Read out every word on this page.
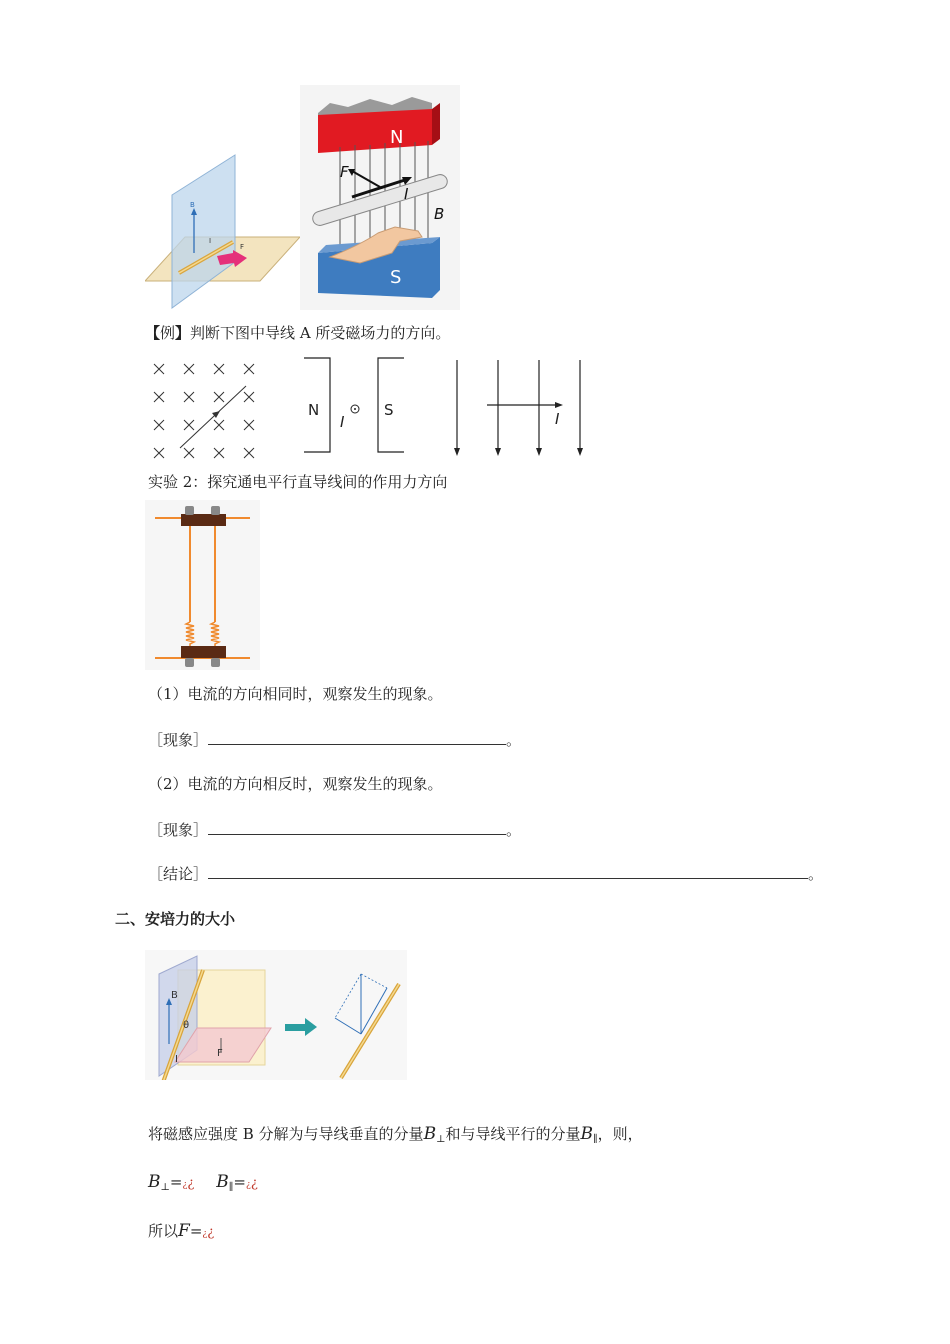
B
I
F
N
S
F
I
B
【例】判断下图中导线 A 所受磁场力的方向。
N	S
I	I
实验 2：探究通电平行直导线间的作用力方向
（1）电流的方向相同时，观察发生的现象。
［现象］	。
（2）电流的方向相反时，观察发生的现象。
［现象］	。
［结论］	。
二、安培力的大小
B
θ
I
F
将磁感应强度 B 分解为与导线垂直的分量$B_\perp$和与导线平行的分量$B_\parallel$，则，
$B_\perp=¿¿$ $B_\parallel=¿¿$
所以F=¿¿
